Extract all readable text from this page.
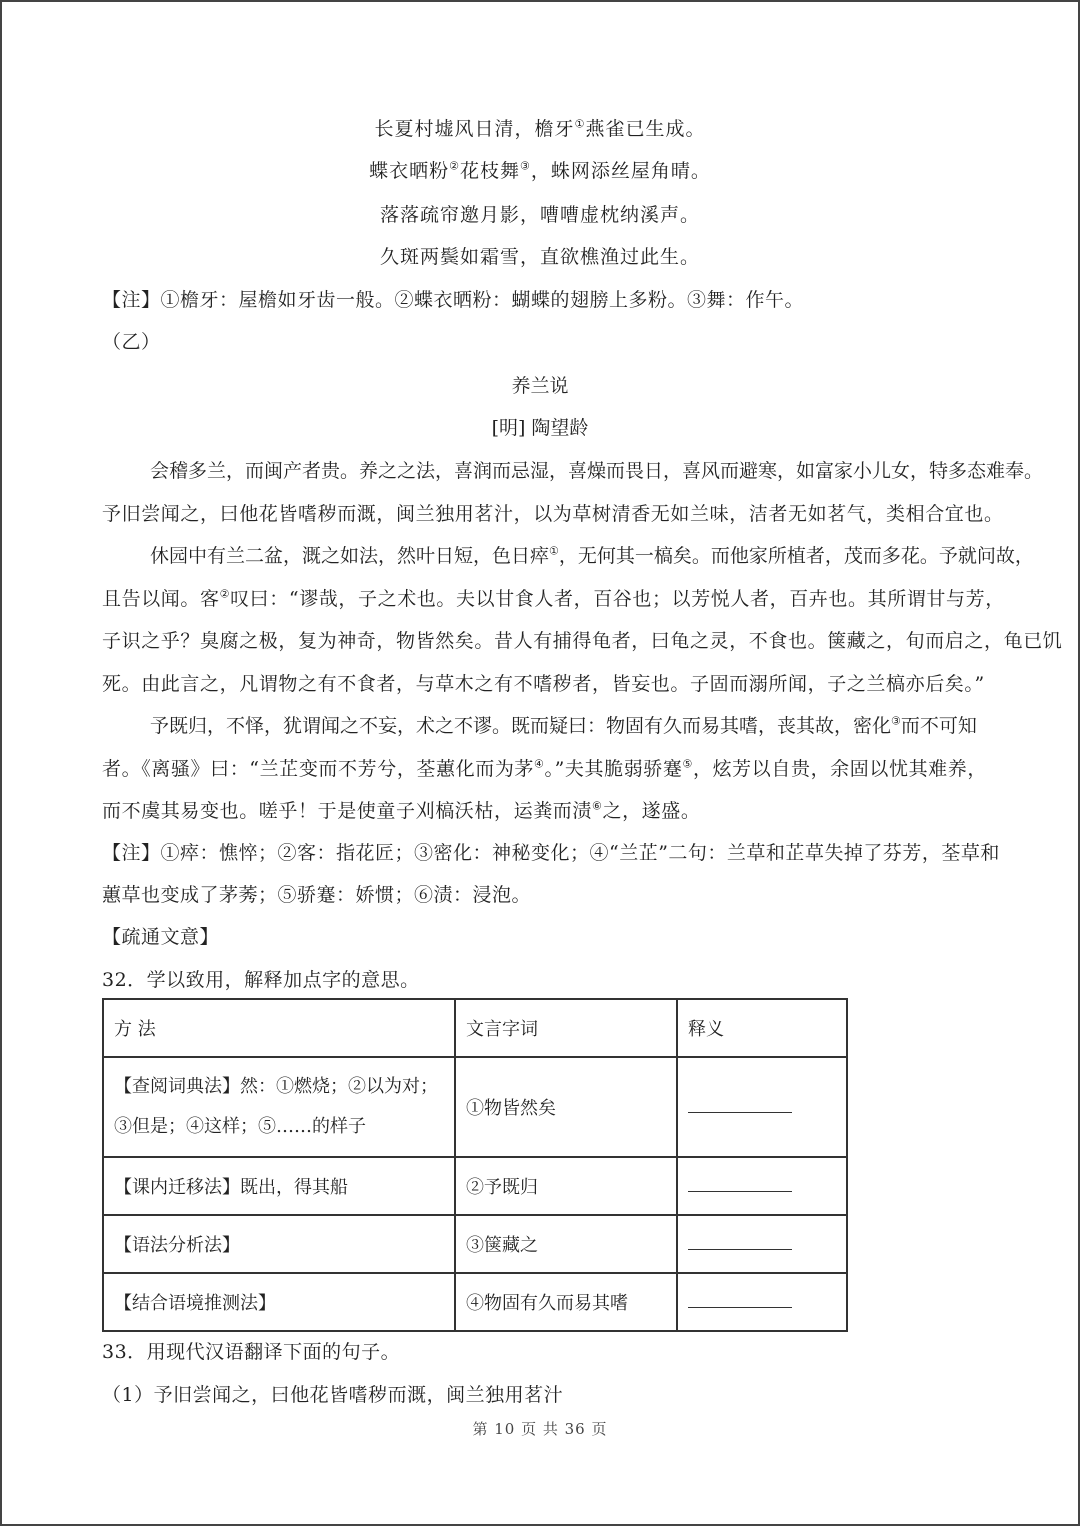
长夏村墟风日清，檐牙①燕雀已生成。
蝶衣晒粉②花枝舞③，蛛网添丝屋角晴。
落落疏帘邀月影，嘈嘈虚枕纳溪声。
久斑两鬓如霜雪，直欲樵渔过此生。
【注】①檐牙：屋檐如牙齿一般。②蝶衣晒粉：蝴蝶的翅膀上多粉。③舞：作午。
（乙）
养兰说
[明] 陶望龄
会稽多兰，而闽产者贵。养之之法，喜润而忌湿，喜燥而畏日，喜风而避寒，如富家小儿女，特多态难奉。
予旧尝闻之，曰他花皆嗜秽而溉，闽兰独用茗汁，以为草树清香无如兰味，洁者无如茗气，类相合宜也。
休园中有兰二盆，溉之如法，然叶日短，色日瘁①，无何其一槁矣。而他家所植者，茂而多花。予就问故，
且告以闻。客②叹曰：“谬哉，子之术也。夫以甘食人者，百谷也；以芳悦人者，百卉也。其所谓甘与芳，
子识之乎？臭腐之极，复为神奇，物皆然矣。昔人有捕得龟者，曰龟之灵，不食也。箧藏之，旬而启之，龟已饥
死。由此言之，凡谓物之有不食者，与草木之有不嗜秽者，皆妄也。子固而溺所闻，子之兰槁亦后矣。”
予既归，不怿，犹谓闻之不妄，术之不谬。既而疑曰：物固有久而易其嗜，丧其故，密化③而不可知
者。《离骚》曰：“兰芷变而不芳兮，荃蕙化而为茅④。”夫其脆弱骄蹇⑤，炫芳以自贵，余固以忧其难养，
而不虞其易变也。嗟乎！于是使童子刈槁沃枯，运粪而渍⑥之，遂盛。
【注】①瘁：憔悴；②客：指花匠；③密化：神秘变化；④“兰芷”二句：兰草和芷草失掉了芬芳，荃草和
蕙草也变成了茅莠；⑤骄蹇：娇惯；⑥渍：浸泡。
【疏通文意】
32．学以致用，解释加点字的意思。
方 法	文言字词	释义

【查阅词典法】然：①燃烧；②以为对；
③但是；④这样；⑤……的样子	①物皆然矣	
【课内迁移法】既出，得其船	②予既归	
【语法分析法】	③箧藏之	
【结合语境推测法】	④物固有久而易其嗜	
33．用现代汉语翻译下面的句子。
（1）予旧尝闻之，曰他花皆嗜秽而溉，闽兰独用茗汁
第 10 页 共 36 页
